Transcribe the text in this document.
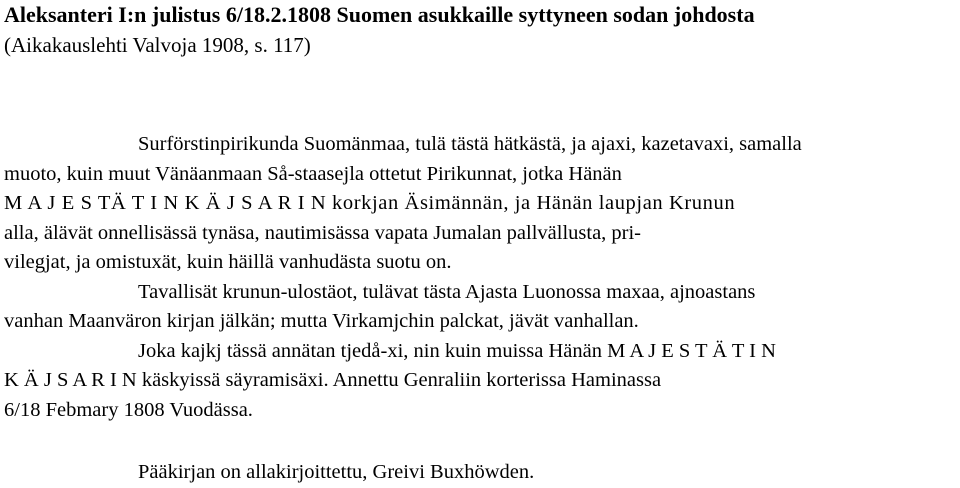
Aleksanteri I:n julistus 6/18.2.1808 Suomen asukkaille syttyneen sodan johdosta
(Aikakauslehti Valvoja 1908, s. 117)
Surförstinpirikunda Suomänmaa, tulä tästä hätkästä, ja ajaxi, kazetavaxi, samalla
muoto, kuin muut Vänäanmaan Så-staasejla ottetut Pirikunnat, jotka Hänän
M A J E S TÄ T I N K Ä J S A R I N korkjan Äsimännän, ja Hänän laupjan Krunun
alla, älävät onnellisässä tynäsa, nautimisässa vapata Jumalan pallvällusta, pri-
vilegjat, ja omistuxät, kuin häillä vanhudästa suotu on.
Tavallisät krunun-ulostäot, tulävat tästa Ajasta Luonossa maxaa, ajnoastans
vanhan Maanväron kirjan jälkän; mutta Virkamjchin palckat, jävät vanhallan.
Joka kajkj tässä annätan tjedå-xi, nin kuin muissa Hänän M A J E S T Ä T I N
K Ä J S A R I N käskyissä säyramisäxi. Annettu Genraliin korterissa Haminassa
6/18 Febmary 1808 Vuodässa.
Pääkirjan on allakirjoittettu, Greivi Buxhöwden.
